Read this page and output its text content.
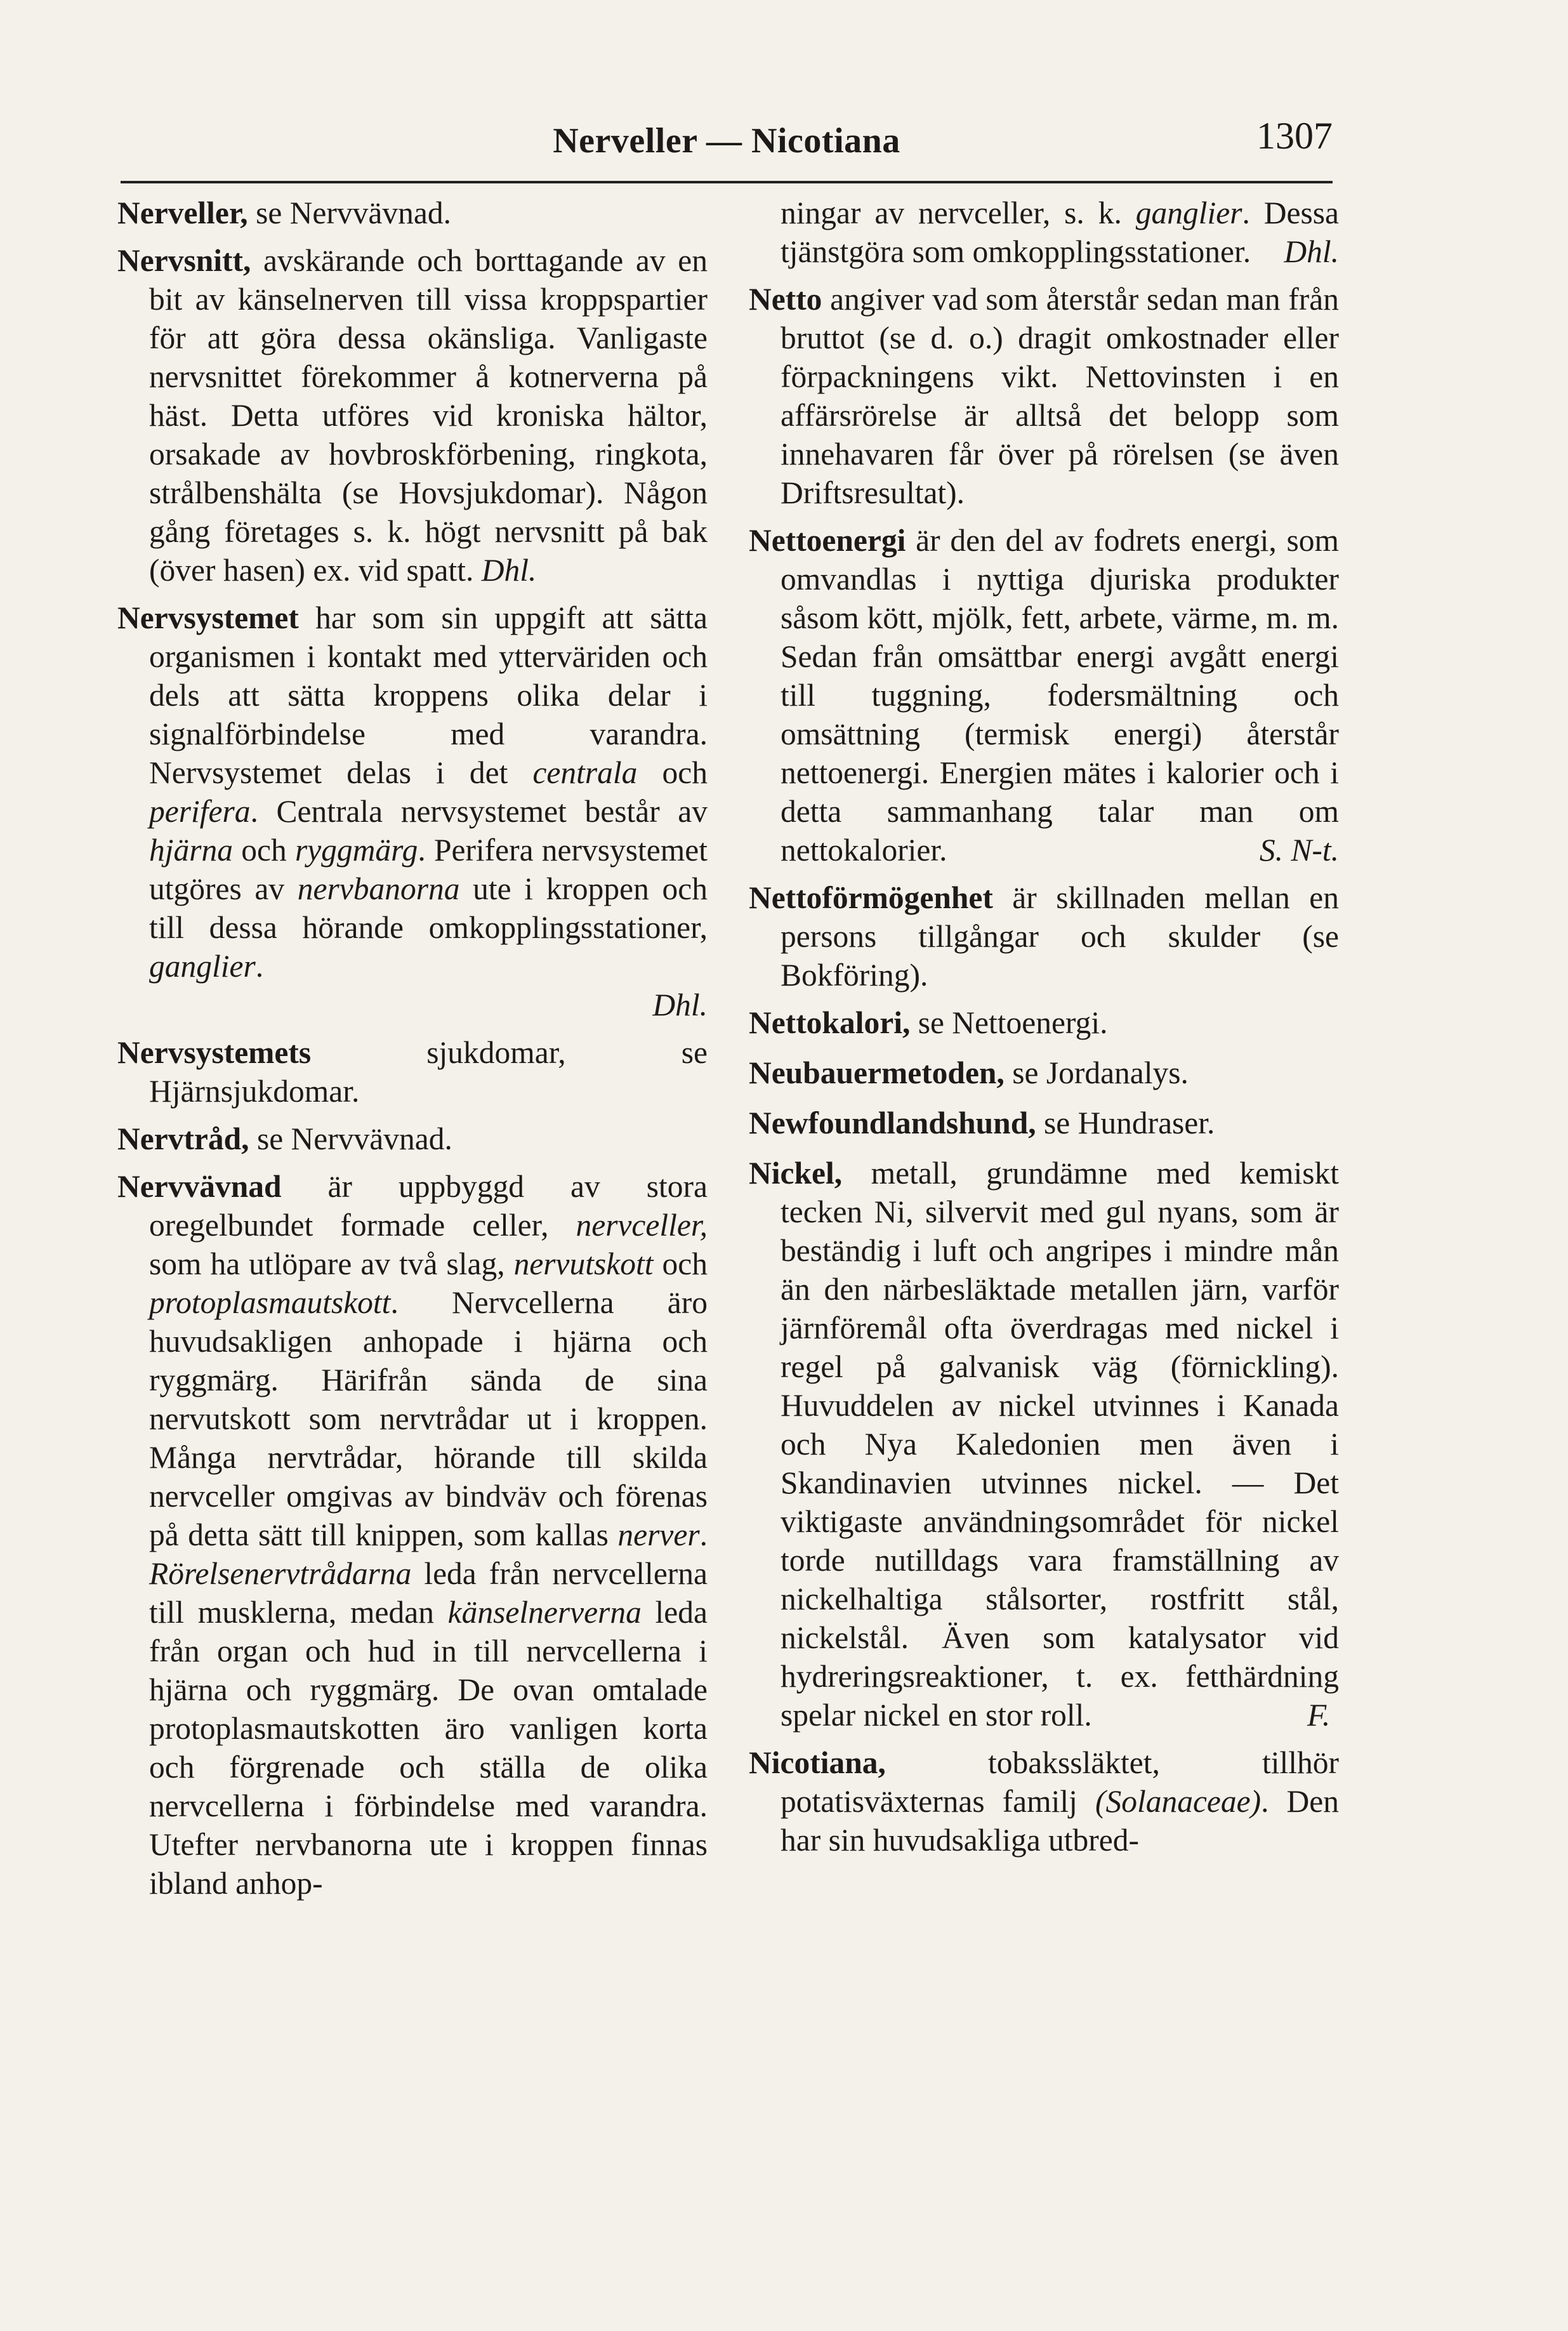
Nerveller — Nicotiana	1307

Nerveller, se Nervvävnad.

Nervsnitt, avskärande och borttagande av en bit av känselnerven till vissa kroppspartier för att göra dessa okänsliga. Vanligaste nervsnittet förekommer å kotnerverna på häst. Detta utföres vid kroniska hältor, orsakade av hovbroskförbening, ringkota, strålbenshälta (se Hovsjukdomar). Någon gång företages s. k. högt nervsnitt på bak (över hasen) ex. vid spatt. Dhl.

Nervsystemet har som sin uppgift att sätta organismen i kontakt med ytterväriden och dels att sätta kroppens olika delar i signalförbindelse med varandra. Nervsystemet delas i det centrala och perifera. Centrala nervsystemet består av hjärna och ryggmärg. Perifera nervsystemet utgöres av nervbanorna ute i kroppen och till dessa hörande omkopplingsstationer, ganglier.
Dhl.

Nervsystemets sjukdomar, se Hjärnsjukdomar.

Nervtråd, se Nervvävnad.

Nervvävnad är uppbyggd av stora oregelbundet formade celler, nervceller, som ha utlöpare av två slag, nervutskott och protoplasmautskott. Nervcellerna äro huvudsakligen anhopade i hjärna och ryggmärg. Härifrån sända de sina nervutskott som nervtrådar ut i kroppen. Många nervtrådar, hörande till skilda nervceller omgivas av bindväv och förenas på detta sätt till knippen, som kallas nerver. Rörelsenervtrådarna leda från nervcellerna till musklerna, medan känselnerverna leda från organ och hud in till nervcellerna i hjärna och ryggmärg. De ovan omtalade protoplasmautskotten äro vanligen korta och förgrenade och ställa de olika nervcellerna i förbindelse med varandra. Utefter nervbanorna ute i kroppen finnas ibland anhop-

ningar av nervceller, s. k. ganglier. Dessa tjänstgöra som omkopplingsstationer. Dhl.

Netto angiver vad som återstår sedan man från bruttot (se d. o.) dragit omkostnader eller förpackningens vikt. Nettovinsten i en affärsrörelse är alltså det belopp som innehavaren får över på rörelsen (se även Driftsresultat).

Nettoenergi är den del av fodrets energi, som omvandlas i nyttiga djuriska produkter såsom kött, mjölk, fett, arbete, värme, m. m. Sedan från omsättbar energi avgått energi till tuggning, fodersmältning och omsättning (termisk energi) återstår nettoenergi. Energien mätes i kalorier och i detta sammanhang talar man om nettokalorier.	S. N-t.

Nettoförmögenhet är skillnaden mellan en persons tillgångar och skulder (se Bokföring).

Nettokalori, se Nettoenergi.

Neubauermetoden, se Jordanalys.

Newfoundlandshund, se Hundraser.

Nickel, metall, grundämne med kemiskt tecken Ni, silvervit med gul nyans, som är beständig i luft och angripes i mindre mån än den närbesläktade metallen järn, varför järnföremål ofta överdragas med nickel i regel på galvanisk väg (förnickling). Huvuddelen av nickel utvinnes i Kanada och Nya Kaledonien men även i Skandinavien utvinnes nickel. — Det viktigaste användningsområdet för nickel torde nutilldags vara framställning av nickelhaltiga stålsorter, rostfritt stål, nickelstål. Även som katalysator vid hydreringsreaktioner, t. ex. fetthärdning spelar nickel en stor roll.	F.

Nicotiana, tobakssläktet, tillhör potatisväxternas familj (Solanaceae). Den har sin huvudsakliga utbred-
